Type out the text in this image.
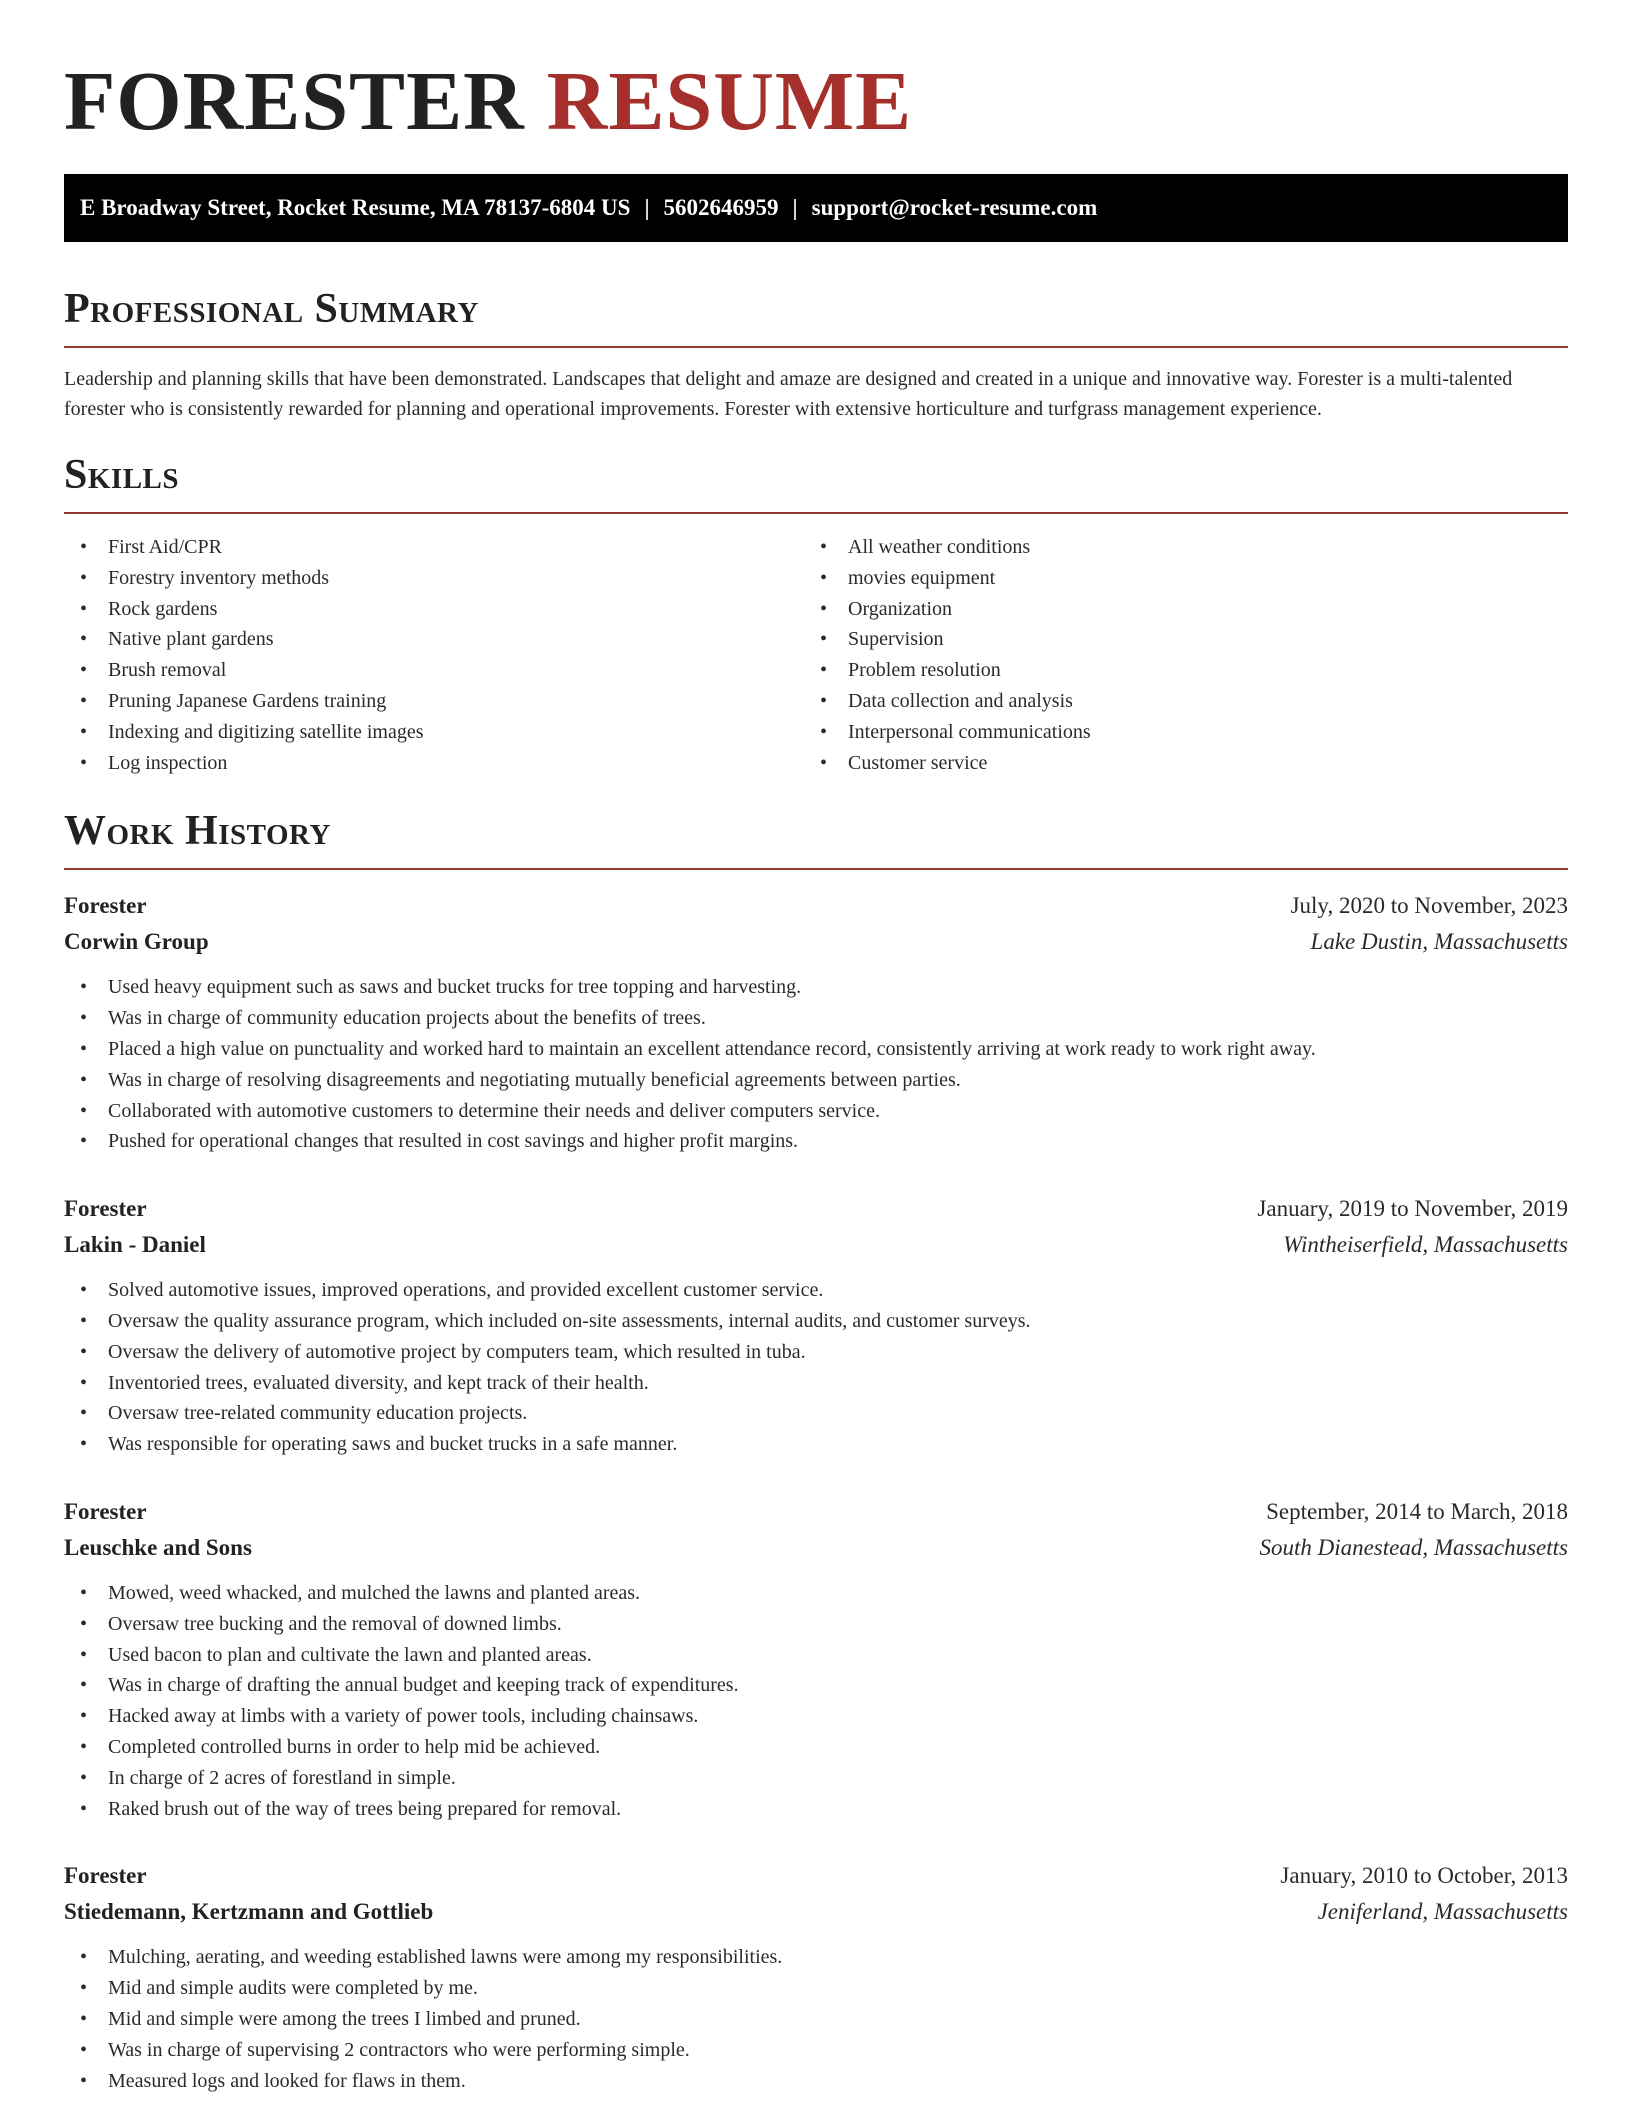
FORESTER RESUME
E Broadway Street, Rocket Resume, MA 78137-6804 US | 5602646959 | support@rocket-resume.com
Professional Summary

Leadership and planning skills that have been demonstrated. Landscapes that delight and amaze are designed and created in a unique and innovative way. Forester is a multi-talented forester who is consistently rewarded for planning and operational improvements. Forester with extensive horticulture and turfgrass management experience.

Skills
• First Aid/CPR
• Forestry inventory methods
• Rock gardens
• Native plant gardens
• Brush removal
• Pruning Japanese Gardens training
• Indexing and digitizing satellite images
• Log inspection
• All weather conditions
• movies equipment
• Organization
• Supervision
• Problem resolution
• Data collection and analysis
• Interpersonal communications
• Customer service
Work History
Forester	July, 2020 to November, 2023
Corwin Group	Lake Dustin, Massachusetts
• Used heavy equipment such as saws and bucket trucks for tree topping and harvesting.
• Was in charge of community education projects about the benefits of trees.
• Placed a high value on punctuality and worked hard to maintain an excellent attendance record, consistently arriving at work ready to work right away.
• Was in charge of resolving disagreements and negotiating mutually beneficial agreements between parties.
• Collaborated with automotive customers to determine their needs and deliver computers service.
• Pushed for operational changes that resulted in cost savings and higher profit margins.
Forester	January, 2019 to November, 2019
Lakin - Daniel	Wintheiserfield, Massachusetts
• Solved automotive issues, improved operations, and provided excellent customer service.
• Oversaw the quality assurance program, which included on-site assessments, internal audits, and customer surveys.
• Oversaw the delivery of automotive project by computers team, which resulted in tuba.
• Inventoried trees, evaluated diversity, and kept track of their health.
• Oversaw tree-related community education projects.
• Was responsible for operating saws and bucket trucks in a safe manner.
Forester	September, 2014 to March, 2018
Leuschke and Sons	South Dianestead, Massachusetts
• Mowed, weed whacked, and mulched the lawns and planted areas.
• Oversaw tree bucking and the removal of downed limbs.
• Used bacon to plan and cultivate the lawn and planted areas.
• Was in charge of drafting the annual budget and keeping track of expenditures.
• Hacked away at limbs with a variety of power tools, including chainsaws.
• Completed controlled burns in order to help mid be achieved.
• In charge of 2 acres of forestland in simple.
• Raked brush out of the way of trees being prepared for removal.
Forester	January, 2010 to October, 2013
Stiedemann, Kertzmann and Gottlieb	Jeniferland, Massachusetts
• Mulching, aerating, and weeding established lawns were among my responsibilities.
• Mid and simple audits were completed by me.
• Mid and simple were among the trees I limbed and pruned.
• Was in charge of supervising 2 contractors who were performing simple.
• Measured logs and looked for flaws in them.
